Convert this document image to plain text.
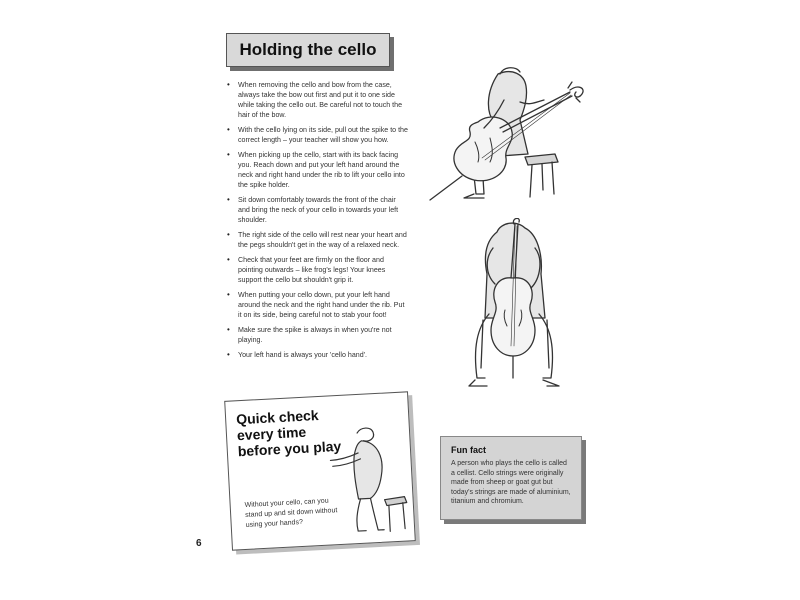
Holding the cello
• When removing the cello and bow from the case, always take the bow out first and put it to one side while taking the cello out. Be careful not to touch the hair of the bow.
• With the cello lying on its side, pull out the spike to the correct length – your teacher will show you how.
• When picking up the cello, start with its back facing you. Reach down and put your left hand around the neck and right hand under the rib to lift your cello into the spike holder.
• Sit down comfortably towards the front of the chair and bring the neck of your cello in towards your left shoulder.
• The right side of the cello will rest near your heart and the pegs shouldn't get in the way of a relaxed neck.
• Check that your feet are firmly on the floor and pointing outwards – like frog's legs! Your knees support the cello but shouldn't grip it.
• When putting your cello down, put your left hand around the neck and the right hand under the rib. Put it on its side, being careful not to stab your foot!
• Make sure the spike is always in when you're not playing.
• Your left hand is always your 'cello hand'.
Quick check every time before you play
Without your cello, can you stand up and sit down without using your hands?
Fun fact
A person who plays the cello is called a cellist. Cello strings were originally made from sheep or goat gut but today's strings are made of aluminium, titanium and chromium.
6
